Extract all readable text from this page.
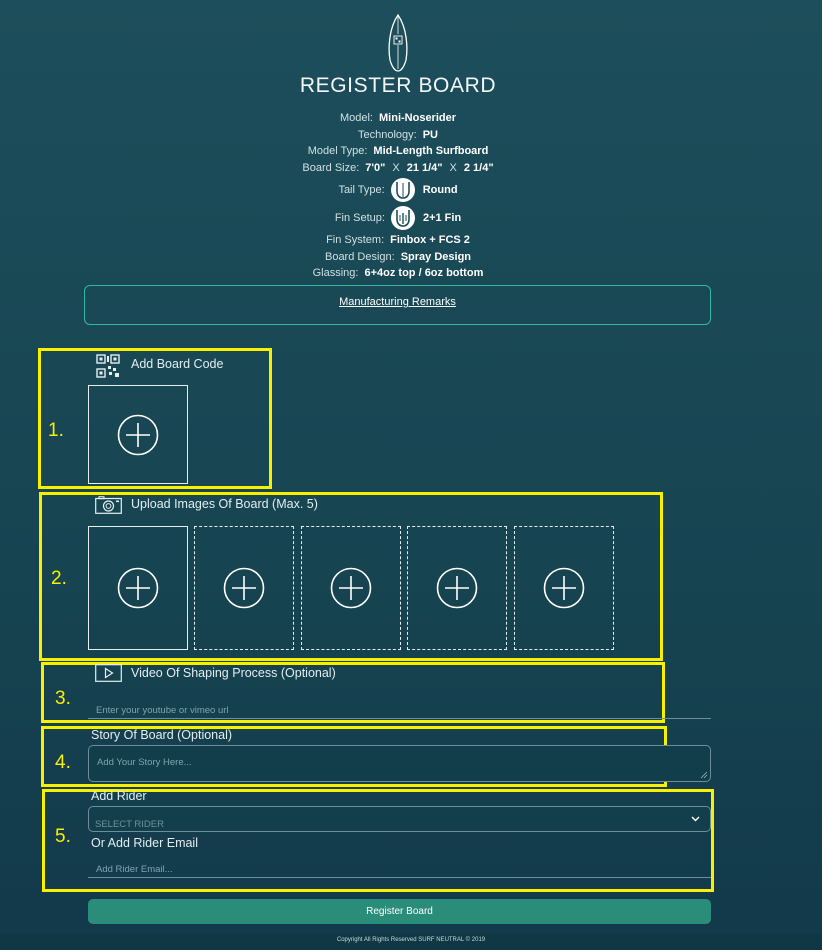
REGISTER BOARD
Model: Mini-Noserider
Technology: PU
Model Type: Mid-Length Surfboard
Board Size: 7'0" X 21 1/4" X 2 1/4"
Tail Type:	Round
Fin Setup:	2+1 Fin
Fin System: Finbox + FCS 2
Board Design: Spray Design
Glassing: 6+4oz top / 6oz bottom
Manufacturing Remarks
1.
Add Board Code
2.
Upload Images Of Board (Max. 5)
3.
Video Of Shaping Process (Optional)
Enter your youtube or vimeo url
4.
Story Of Board (Optional)
Add Your Story Here...
5.
Add Rider
SELECT RIDER
Or Add Rider Email
Add Rider Email...
Register Board
Copyright All Rights Reserved SURF NEUTRAL © 2019
